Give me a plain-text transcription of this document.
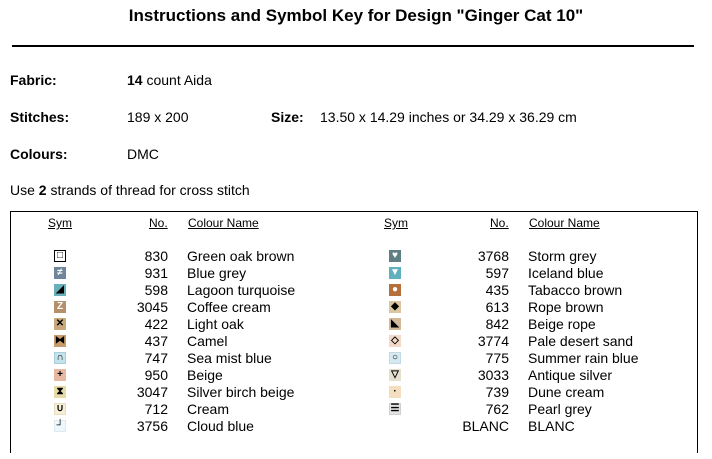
Instructions and Symbol Key for Design "Ginger Cat 10"
Fabric:	14 count Aida
Stitches:	189 x 200	Size: 13.50 x 14.29 inches or 34.29 x 36.29 cm
Colours:	DMC
Use 2 strands of thread for cross stitch
Sym	No. Colour Name	Sym	No. Colour Name
□	830 Green oak brown
≠	931 Blue grey
◢	598 Lagoon turquoise
Z	3045 Coffee cream
✕	422 Light oak
⧓	437 Camel
∩	747 Sea mist blue
+	950 Beige
⧗	3047 Silver birch beige
∪	712 Cream
┘	3756 Cloud blue
♥	3768 Storm grey
▼	597 Iceland blue
●	435 Tabacco brown
◆	613 Rope brown
◣	842 Beige rope
◇	3774 Pale desert sand
○	775 Summer rain blue
▽	3033 Antique silver
·	739 Dune cream
☰	762 Pearl grey
BLANC BLANC
